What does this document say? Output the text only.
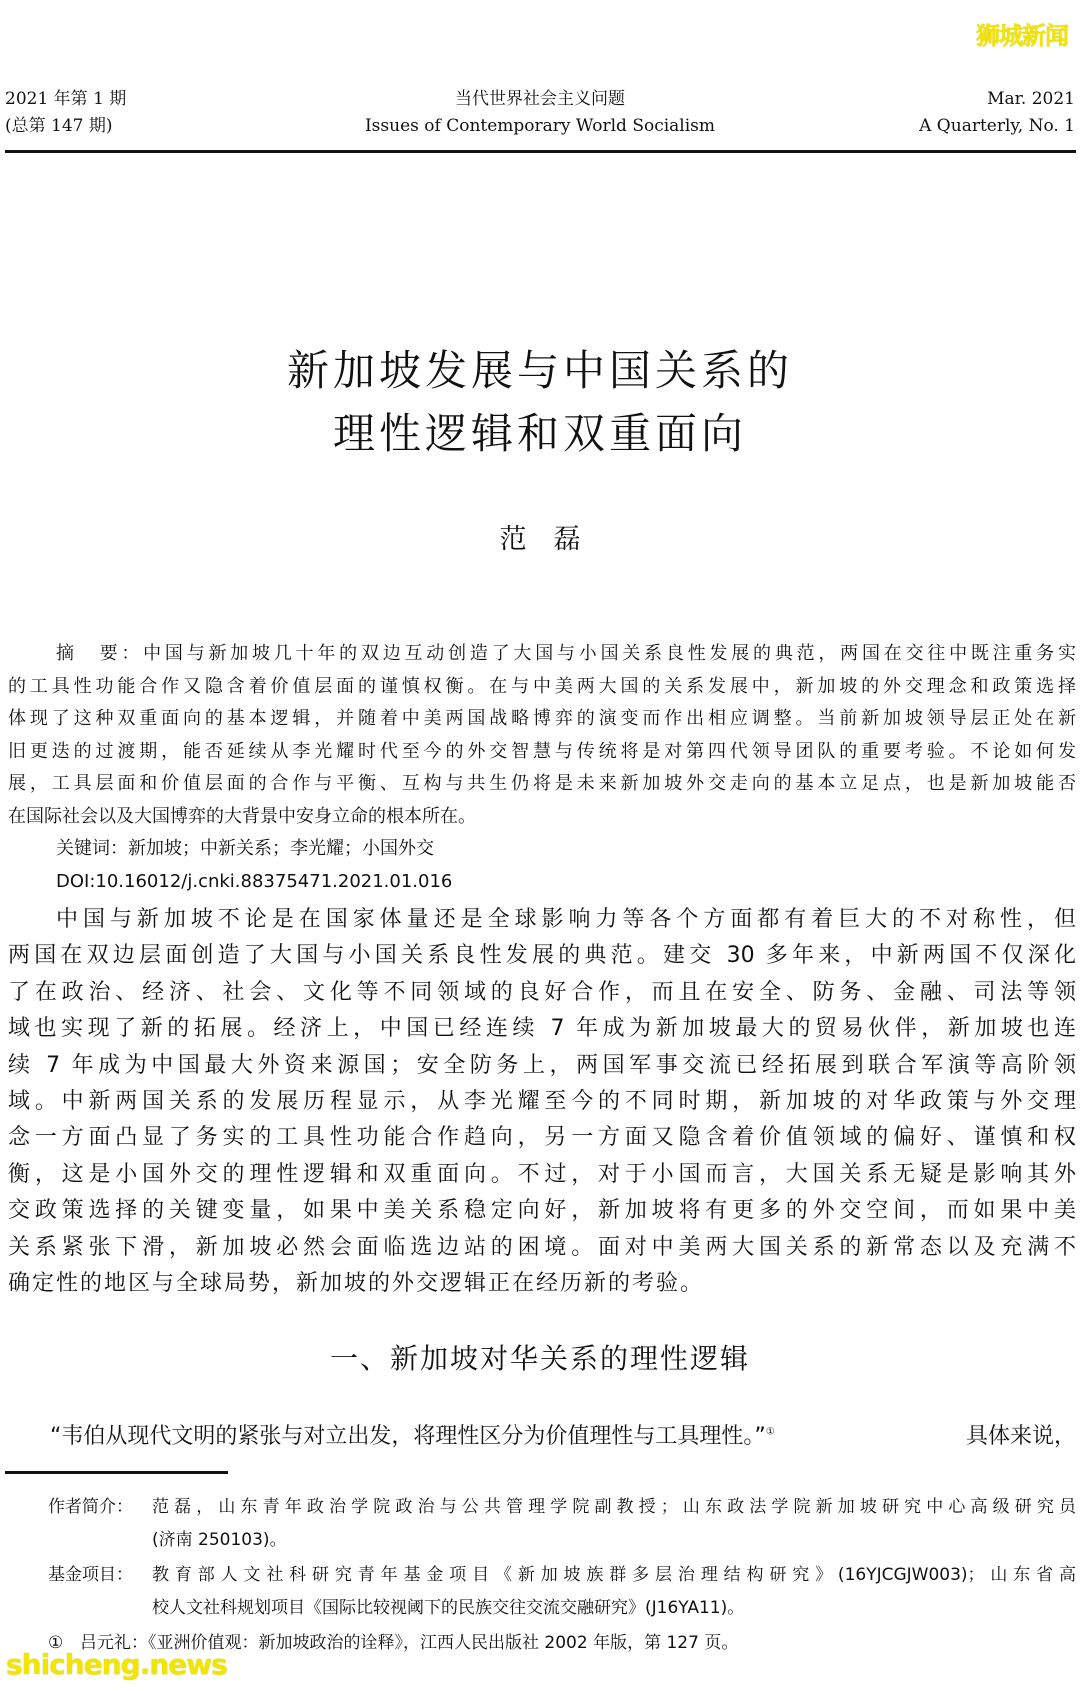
狮城新闻
2021 年第 1 期
(总第 147 期)
当代世界社会主义问题
Issues of Contemporary World Socialism
Mar. 2021
A Quarterly, No. 1
新加坡发展与中国关系的
理性逻辑和双重面向
范　磊
摘　要：中国与新加坡几十年的双边互动创造了大国与小国关系良性发展的典范，两国在交往中既注重务实
的工具性功能合作又隐含着价值层面的谨慎权衡。在与中美两大国的关系发展中，新加坡的外交理念和政策选择
体现了这种双重面向的基本逻辑，并随着中美两国战略博弈的演变而作出相应调整。当前新加坡领导层正处在新
旧更迭的过渡期，能否延续从李光耀时代至今的外交智慧与传统将是对第四代领导团队的重要考验。不论如何发
展，工具层面和价值层面的合作与平衡、互构与共生仍将是未来新加坡外交走向的基本立足点，也是新加坡能否
在国际社会以及大国博弈的大背景中安身立命的根本所在。
关键词：新加坡；中新关系；李光耀；小国外交
DOI:10.16012/j.cnki.88375471.2021.01.016
中国与新加坡不论是在国家体量还是全球影响力等各个方面都有着巨大的不对称性，但
两国在双边层面创造了大国与小国关系良性发展的典范。建交 30 多年来，中新两国不仅深化
了在政治、经济、社会、文化等不同领域的良好合作，而且在安全、防务、金融、司法等领
域也实现了新的拓展。经济上，中国已经连续 7 年成为新加坡最大的贸易伙伴，新加坡也连
续 7 年成为中国最大外资来源国；安全防务上，两国军事交流已经拓展到联合军演等高阶领
域。中新两国关系的发展历程显示，从李光耀至今的不同时期，新加坡的对华政策与外交理
念一方面凸显了务实的工具性功能合作趋向，另一方面又隐含着价值领域的偏好、谨慎和权
衡，这是小国外交的理性逻辑和双重面向。不过，对于小国而言，大国关系无疑是影响其外
交政策选择的关键变量，如果中美关系稳定向好，新加坡将有更多的外交空间，而如果中美
关系紧张下滑，新加坡必然会面临选边站的困境。面对中美两大国关系的新常态以及充满不
确定性的地区与全球局势，新加坡的外交逻辑正在经历新的考验。
一、新加坡对华关系的理性逻辑
“韦伯从现代文明的紧张与对立出发，将理性区分为价值理性与工具理性。”①	具体来说，
作者简介： 范磊，山东青年政治学院政治与公共管理学院副教授；山东政法学院新加坡研究中心高级研究员
(济南 250103)。
基金项目： 教育部人文社科研究青年基金项目《新加坡族群多层治理结构研究》(16YJCGJW003)；山东省高
校人文社科规划项目《国际比较视阈下的民族交往交流交融研究》(J16YA11)。
① 吕元礼：《亚洲价值观：新加坡政治的诠释》，江西人民出版社 2002 年版，第 127 页。
shicheng.news
